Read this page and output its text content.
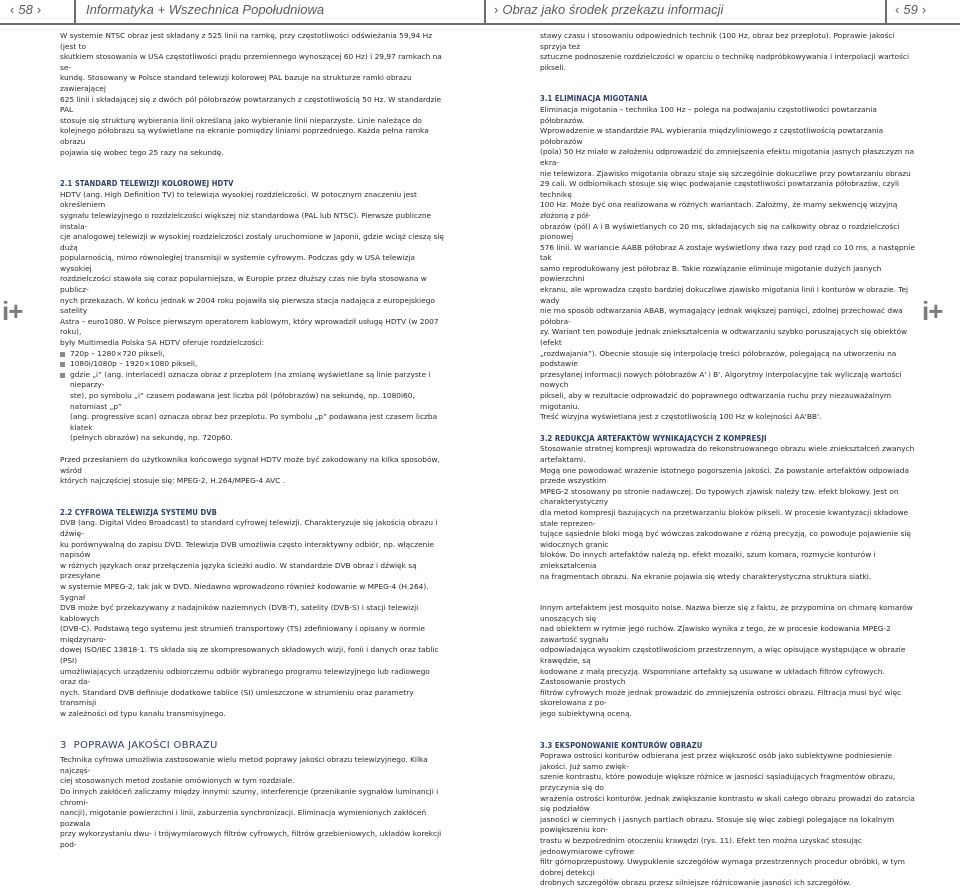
‹ 58 ›	Informatyka + Wszechnica Popołudniowa	› Obraz jako środek przekazu informacji	‹ 59 ›
i+	i+

W systemie NTSC obraz jest składany z 525 linii na ramkę, przy częstotliwości odświeżania 59,94 Hz (jest to
skutkiem stosowania w USA częstotliwości prądu przemiennego wynoszącej 60 Hz) i 29,97 ramkach na se-
kundę. Stosowany w Polsce standard telewizji kolorowej PAL bazuje na strukturze ramki obrazu zawierającej
625 linii i składającej się z dwóch pól półobrazów powtarzanych z częstotliwością 50 Hz. W standardzie PAL
stosuje się strukturę wybierania linii określaną jako wybieranie linii nieparzyste. Linie należące do
kolejnego półobrazu są wyświetlane na ekranie pomiędzy liniami poprzedniego. Każda pełna ramka obrazu
pojawia się wobec tego 25 razy na sekundę.

2.1 STANDARD TELEWIZJI KOLOROWEJ HDTV

HDTV (ang. High Definition TV) to telewizja wysokiej rozdzielczości. W potocznym znaczeniu jest określeniem
sygnału telewizyjnego o rozdzielczości większej niż standardowa (PAL lub NTSC). Pierwsze publiczne instala-
cje analogowej telewizji w wysokiej rozdzielczości zostały uruchomione w Japonii, gdzie wciąż cieszą się dużą
popularnością, mimo równoległej transmisji w systemie cyfrowym. Podczas gdy w USA telewizja wysokiej
rozdzielczości stawała się coraz popularniejsza, w Europie przez dłuższy czas nie była stosowana w publicz-
nych przekazach. W końcu jednak w 2004 roku pojawiła się pierwsza stacja nadająca z europejskiego satelity
Astra – euro1080. W Polsce pierwszym operatorem kablowym, który wprowadził usługę HDTV (w 2007 roku),
były Multimedia Polska SA HDTV oferuje rozdzielczości:

720p – 1280×720 pikseli,
1080i/1080p – 1920×1080 pikseli,
gdzie „i” (ang. interlaced) oznacza obraz z przeplotem (na zmianę wyświetlane są linie parzyste i nieparzy-
ste), po symbolu „i” czasem podawana jest liczba pól (półobrazów) na sekundę, np. 1080i60, natomiast „p”
(ang. progressive scan) oznacza obraz bez przeplotu. Po symbolu „p” podawana jest czasem liczba klatek
(pełnych obrazów) na sekundę, np. 720p60.

Przed przesłaniem do użytkownika końcowego sygnał HDTV może być zakodowany na kilka sposobów, wśród
których najczęściej stosuje się: MPEG-2, H.264/MPEG-4 AVC .

2.2 CYFROWA TELEWIZJA SYSTEMU DVB

DVB (ang. Digital Video Broadcast) to standard cyfrowej telewizji. Charakteryzuje się jakością obrazu i dźwię-
ku porównywalną do zapisu DVD. Telewizja DVB umożliwia często interaktywny odbiór, np. włączenie napisów
w różnych językach oraz przełączenia języka ścieżki audio. W standardzie DVB obraz i dźwięk są przesyłane
w systemie MPEG-2, tak jak w DVD. Niedawno wprowadzono również kodowanie w MPEG-4 (H.264). Sygnał
DVB może być przekazywany z nadajników naziemnych (DVB-T), satelity (DVB-S) i stacji telewizji kablowych
(DVB-C). Podstawą tego systemu jest strumień transportowy (TS) zdefiniowany i opisany w normie międzynaro-
dowej ISO/IEC 13818-1. TS składa się ze skompresowanych składowych wizji, fonii i danych oraz tablic (PSI)
umożliwiających urządzeniu odbiorczemu odbiór wybranego programu telewizyjnego lub radiowego oraz da-
nych. Standard DVB definiuje dodatkowe tablice (SI) umieszczone w strumieniu oraz parametry transmisji
w zależności od typu kanału transmisyjnego.

3 POPRAWA JAKOŚCI OBRAZU

Technika cyfrowa umożliwia zastosowanie wielu metod poprawy jakości obrazu telewizyjnego. Kilka najczęś-
ciej stosowanych metod zostanie omówionych w tym rozdziale.
Do innych zakłóceń zaliczamy między innymi: szumy, interferencje (przenikanie sygnałów luminancji i chromi-
nancji), migotanie powierzchni i linii, zaburzenia synchronizacji. Eliminacja wymienionych zakłóceń pozwala
przy wykorzystaniu dwu- i trójwymiarowych filtrów cyfrowych, filtrów grzebieniowych, układów korekcji pod-

stawy czasu i stosowaniu odpowiednich technik (100 Hz, obraz bez przeplotu). Poprawie jakości sprzyja też
sztuczne podnoszenie rozdzielczości w oparciu o technikę nadpróbkowywania i interpolacji wartości pikseli.

3.1 ELIMINACJA MIGOTANIA

Eliminacja migotania – technika 100 Hz – polega na podwajaniu częstotliwości powtarzania półobrazów.
Wprowadzenie w standardzie PAL wybierania międzyliniowego z częstotliwością powtarzania półobrazów
(pola) 50 Hz miało w założeniu odprowadzić do zmniejszenia efektu migotania jasnych płaszczyzn na ekra-
nie telewizora. Zjawisko migotania obrazu staje się szczególnie dokuczliwe przy powtarzaniu obrazu
29 cali. W odbiornikach stosuje się więc podwajanie częstotliwości powtarzania półobrazów, czyli technikę
100 Hz. Może być ona realizowana w różnych wariantach. Założmy, że mamy sekwencję wizyjną złożoną z pół-
obrazów (pól) A i B wyświetlanych co 20 ms, składających się na całkowity obraz o rozdzielczości pionowej
576 linii. W wariancie AABB półobraz A zostaje wyświetlony dwa razy pod rząd co 10 ms, a następnie tak
samo reprodukowany jest półobraz B. Takie rozwiązanie eliminuje migotanie dużych jasnych powierzchni
ekranu, ale wprowadza często bardziej dokuczliwe zjawisko migotania linii i konturów w obrazie. Tej wady
nie ma sposób odtwarzania ABAB, wymagający jednak większej pamięci, zdolnej przechować dwa półobra-
zy. Wariant ten powoduje jednak zniekształcenia w odtwarzaniu szybko poruszających się obiektów (efekt
„rozdwajania”). Obecnie stosuje się interpolację treści półobrazów, polegającą na utworzeniu na podstawie
przesyłanej informacji nowych półobrazów A' i B'. Algorytmy interpolacyjne tak wyliczają wartości nowych
pikseli, aby w rezultacie odprowadzić do poprawnego odtwarzania ruchu przy niezauważalnym migotaniu.
Treść wizyjna wyświetlana jest z częstotliwością 100 Hz w kolejności AA'BB'.

3.2 REDUKCJA ARTEFAKTÓW WYNIKAJĄCYCH Z KOMPRESJI

Stosowanie stratnej kompresji wprowadza do rekonstruowanego obrazu wiele zniekształceń zwanych artefaktami.
Mogą one powodować wrażenie istotnego pogorszenia jakości. Za powstanie artefaktów odpowiada przede wszystkim
MPEG-2 stosowany po stronie nadawczej. Do typowych zjawisk należy tzw. efekt blokowy. Jest on charakterystyczny
dla metod kompresji bazujących na przetwarzaniu bloków pikseli. W procesie kwantyzacji składowe stałe reprezen-
tujące sąsiednie bloki mogą być wówczas zakodowane z różną precyzją, co powoduje pojawienie się widocznych granic
bloków. Do innych artefaktów należą np. efekt mozaiki, szum komara, rozmycie konturów i zniekształcenia
na fragmentach obrazu. Na ekranie pojawia się wtedy charakterystyczna struktura siatki.

Innym artefaktem jest mosquito noise. Nazwa bierze się z faktu, że przypomina on chmarę komarów unoszących się
nad obiektem w rytmie jego ruchów. Zjawisko wynika z tego, że w procesie kodowania MPEG-2 zawartość sygnału
odpowiadająca wysokim częstotliwościom przestrzennym, a więc opisujące występujące w obrazie krawędzie, są
kodowane z małą precyzją. Wspomniane artefakty są usuwane w układach filtrów cyfrowych. Zastosowanie prostych
filtrów cyfrowych może jednak prowadzić do zmniejszenia ostrości obrazu. Filtracja musi być więc skorelowana z po-
jego subiektywną oceną.

3.3 EKSPONOWANIE KONTURÓW OBRAZU

Poprawa ostrości konturów odbierana jest przez większość osób jako subiektywne podniesienie jakości. Już samo zwięk-
szenie kontrastu, które powoduje większe różnice w jasności sąsiadujących fragmentów obrazu, przyczynia się do
wrażenia ostrości konturów. Jednak zwiększanie kontrastu w skali całego obrazu prowadzi do zatarcia się podziałów
jasności w ciemnych i jasnych partiach obrazu. Stosuje się więc zabiegi polegające na lokalnym powiększeniu kon-
trastu w bezpośrednim otoczeniu krawędzi (rys. 11). Efekt ten można uzyskać stosując jednowymiarowe cyfrowe
filtr górnoprzepustowy. Uwypuklenie szczegółów wymaga przestrzennych procedur obróbki, w tym dobrej detekcji
drobnych szczegółów obrazu przesz silniejsze różnicowanie jasności ich szczegółów.
